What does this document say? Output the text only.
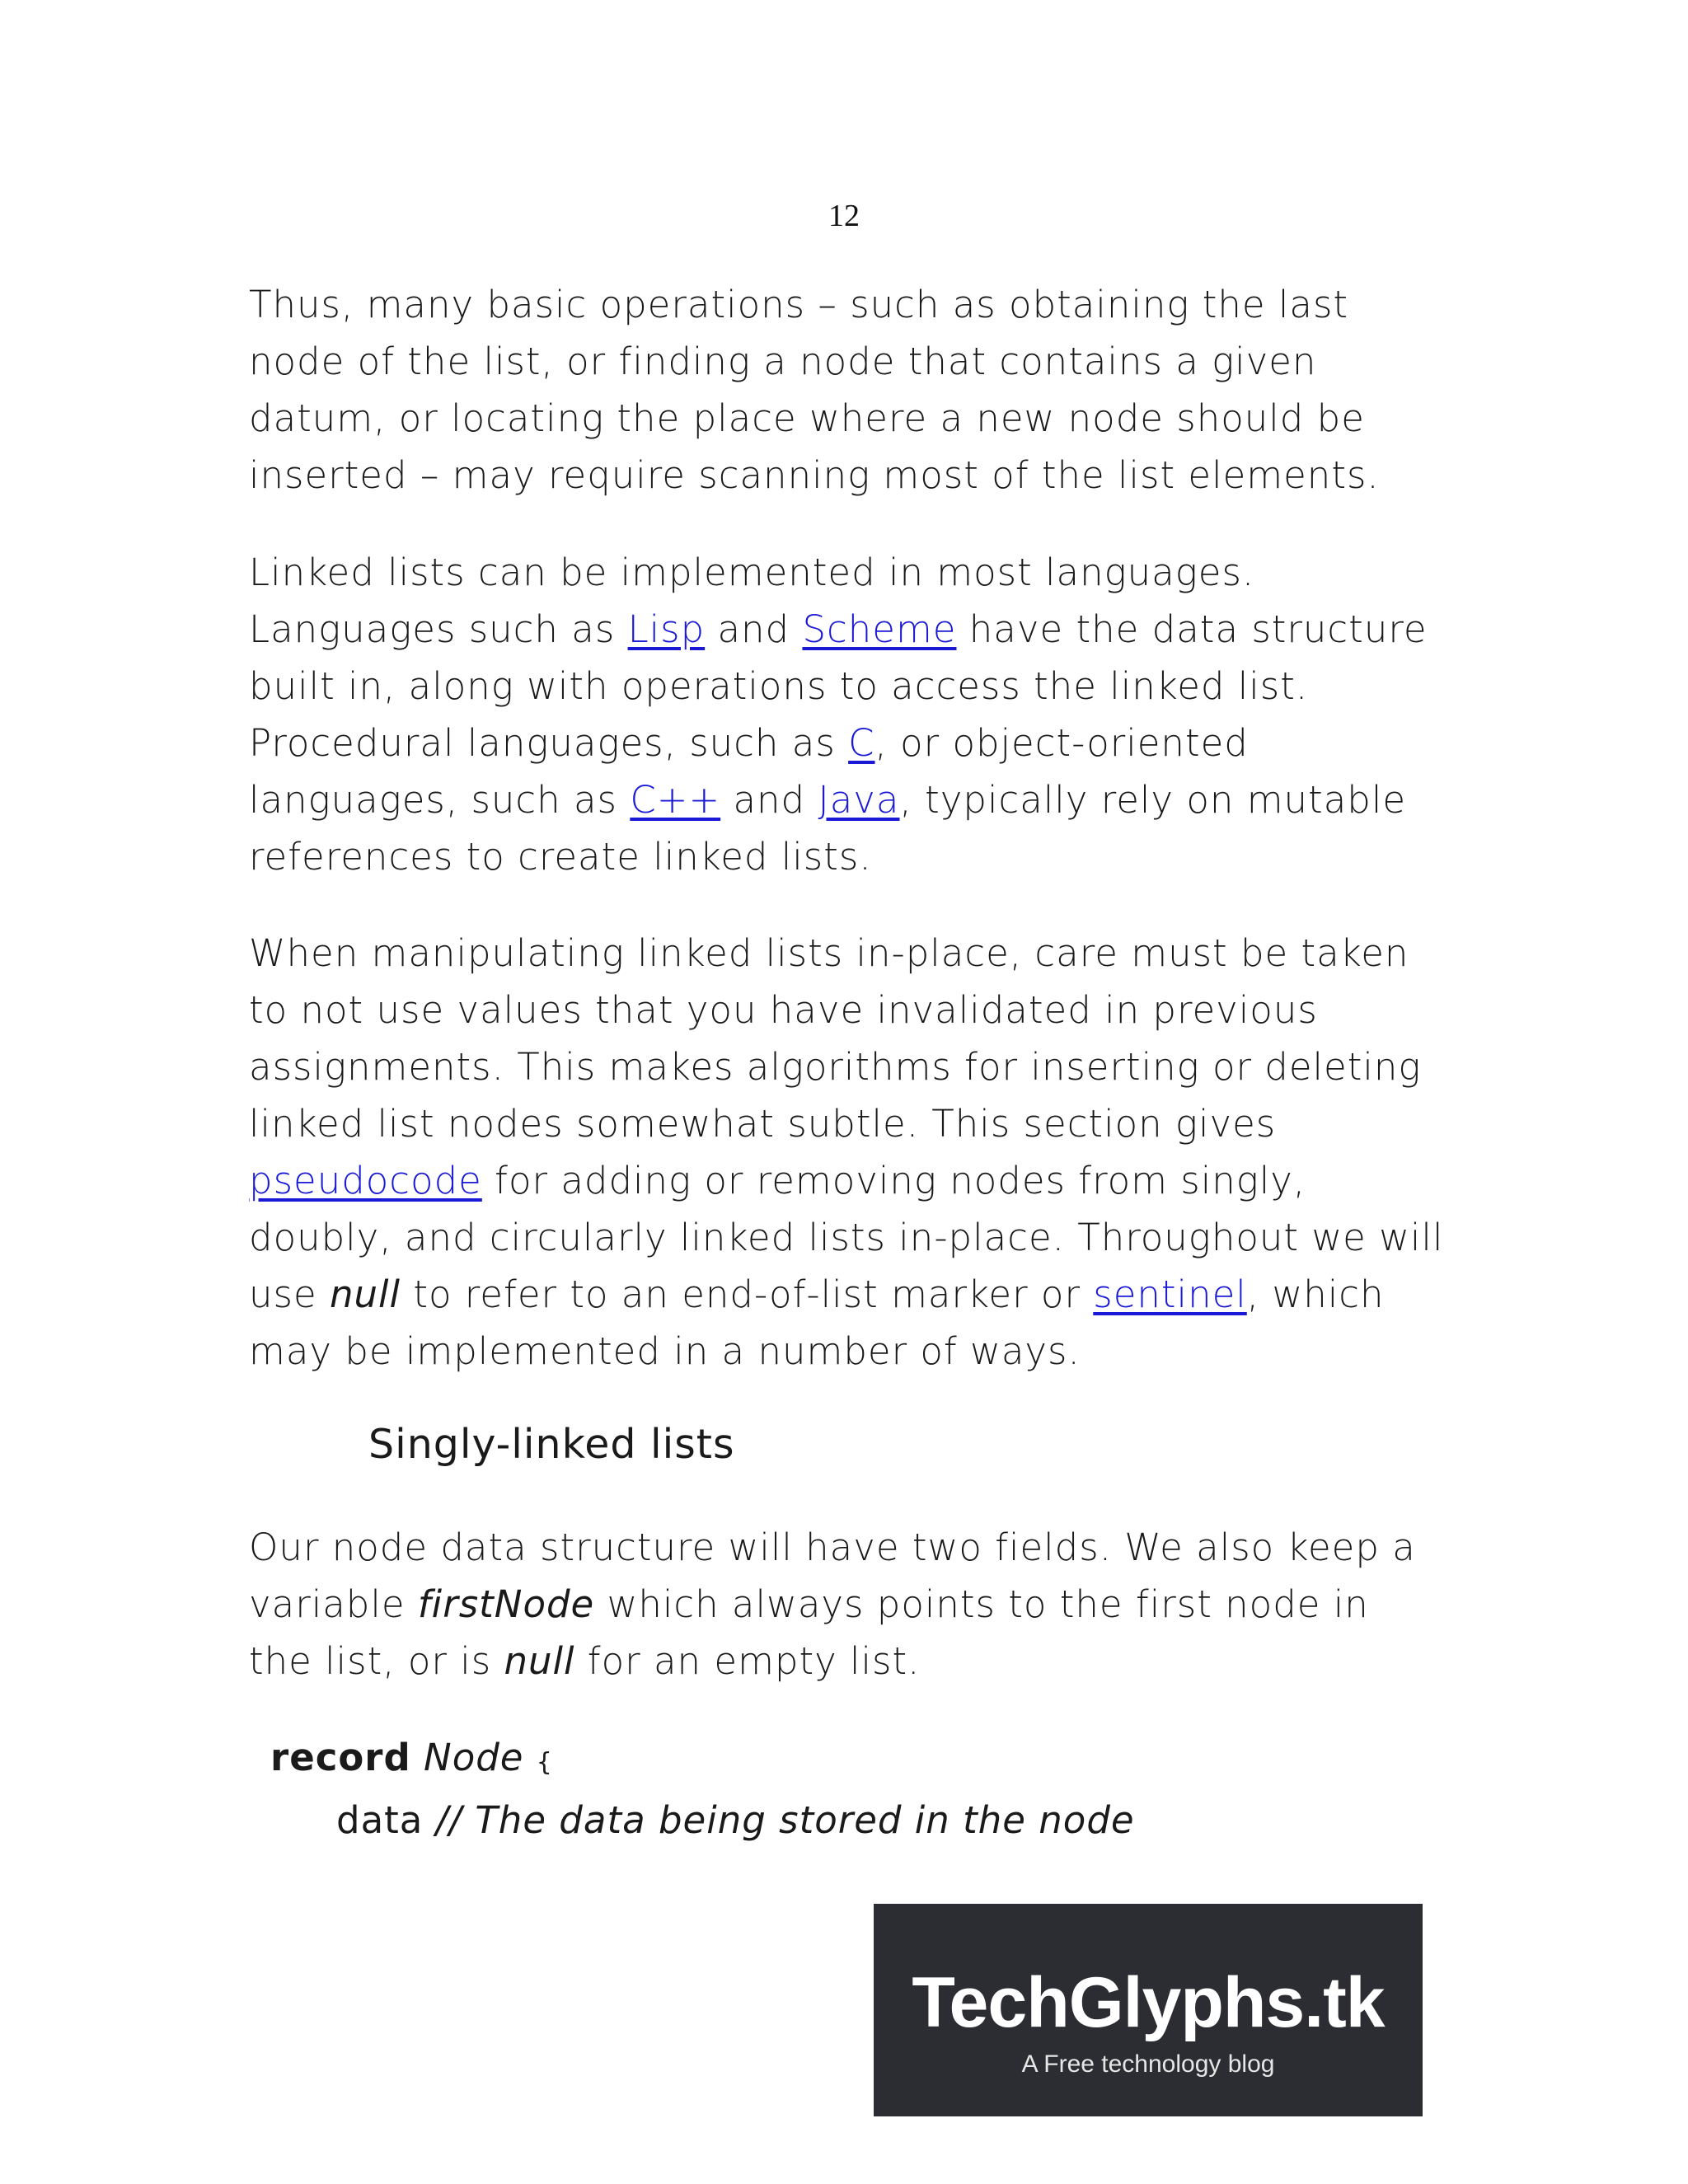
12

Thus, many basic operations – such as obtaining the last node of the list, or finding a node that contains a given datum, or locating the place where a new node should be inserted – may require scanning most of the list elements.

Linked lists can be implemented in most languages. Languages such as Lisp and Scheme have the data structure built in, along with operations to access the linked list. Procedural languages, such as C, or object-oriented languages, such as C++ and Java, typically rely on mutable references to create linked lists.

When manipulating linked lists in-place, care must be taken to not use values that you have invalidated in previous assignments. This makes algorithms for inserting or deleting linked list nodes somewhat subtle. This section gives pseudocode for adding or removing nodes from singly, doubly, and circularly linked lists in-place. Throughout we will use null to refer to an end-of-list marker or sentinel, which may be implemented in a number of ways.

Singly-linked lists

Our node data structure will have two fields. We also keep a variable firstNode which always points to the first node in the list, or is null for an empty list.

record Node {
data // The data being stored in the node
TechGlyphs.tk
A Free technology blog
